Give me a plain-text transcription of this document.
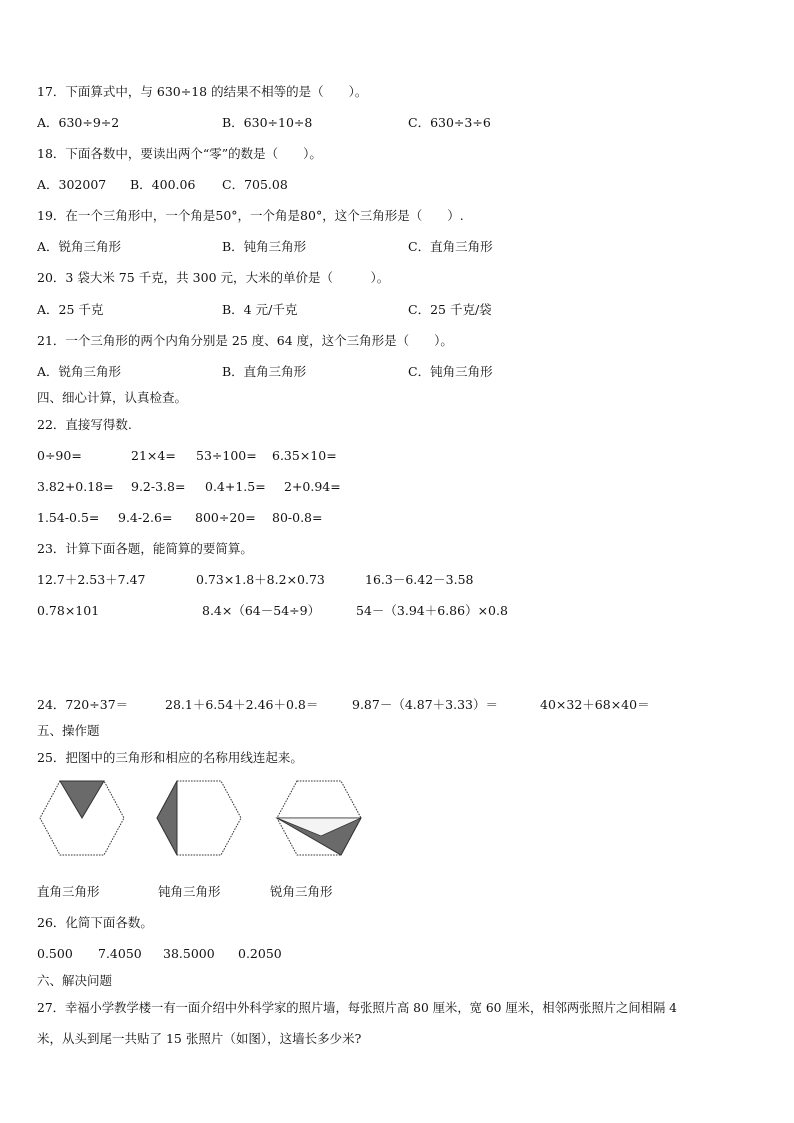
17．下面算式中，与 630÷18 的结果不相等的是（　　）。
A．630÷9÷2	B．630÷10÷8	C．630÷3÷6
18．下面各数中，要读出两个“零”的数是（　　）。
A．302007 B．400.06 C．705.08
19．在一个三角形中，一个角是50°，一个角是80°，这个三角形是（　　）.
A．锐角三角形	B．钝角三角形	C．直角三角形
20．3 袋大米 75 千克，共 300 元，大米的单价是（　　　）。
A．25 千克	B．4 元/千克	C．25 千克/袋
21．一个三角形的两个内角分别是 25 度、64 度，这个三角形是（　　）。
A．锐角三角形	B．直角三角形	C．钝角三角形
四、细心计算，认真检查。
22．直接写得数.
0÷90=	21×4= 53÷100= 6.35×10=
3.82+0.18= 9.2-3.8= 0.4+1.5= 2+0.94=
1.54-0.5= 9.4-2.6= 800÷20= 80-0.8=
23．计算下面各题，能简算的要简算。
12.7＋2.53＋7.47	0.73×1.8＋8.2×0.73	16.3－6.42－3.58
0.78×101	8.4×（64－54÷9）	54－（3.94＋6.86）×0.8
24．720÷37＝	28.1＋6.54＋2.46＋0.8＝	9.87－（4.87＋3.33）＝	40×32＋68×40＝
五、操作题
25．把图中的三角形和相应的名称用线连起来。
直角三角形	钝角三角形	锐角三角形
26．化简下面各数。
0.500 7.4050 38.5000 0.2050
六、解决问题
27．幸福小学教学楼一有一面介绍中外科学家的照片墙，每张照片高 80 厘米，宽 60 厘米，相邻两张照片之间相隔 4
米，从头到尾一共贴了 15 张照片（如图），这墙长多少米?
